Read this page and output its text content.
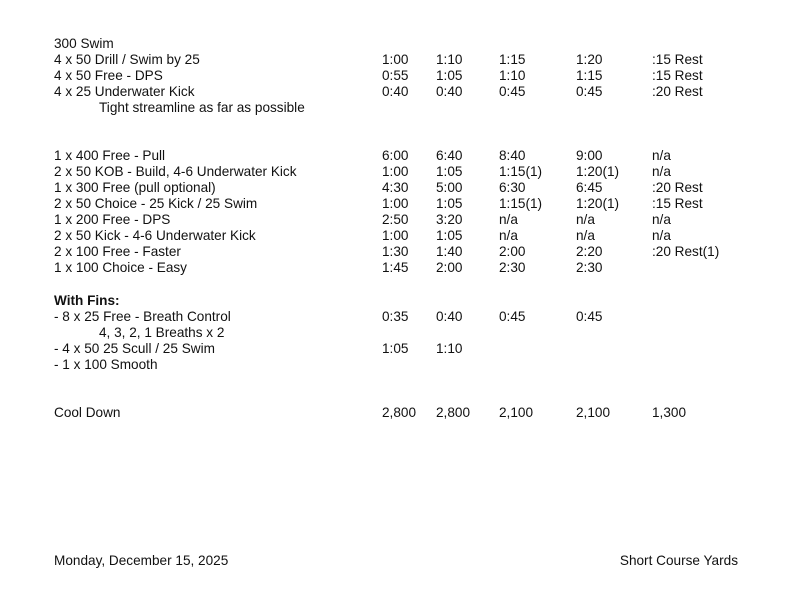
300 Swim
4 x 50 Drill / Swim by 25	1:00 1:10	1:15	1:20	:15 Rest
4 x 50 Free - DPS	0:55 1:05	1:10	1:15	:15 Rest
4 x 25 Underwater Kick	0:40 0:40	0:45	0:45	:20 Rest
Tight streamline as far as possible
1 x 400 Free - Pull	6:00 6:40	8:40	9:00	n/a
2 x 50 KOB - Build, 4-6 Underwater Kick	1:00 1:05	1:15(1) 1:20(1) n/a
1 x 300 Free (pull optional)	4:30 5:00	6:30	6:45	:20 Rest
2 x 50 Choice - 25 Kick / 25 Swim	1:00 1:05	1:15(1) 1:20(1) :15 Rest
1 x 200 Free - DPS	2:50 3:20	n/a	n/a	n/a
2 x 50 Kick - 4-6 Underwater Kick	1:00 1:05	n/a	n/a	n/a
2 x 100 Free - Faster	1:30 1:40	2:00	2:20	:20 Rest(1)
1 x 100 Choice - Easy	1:45 2:00	2:30	2:30
With Fins:
- 8 x 25 Free - Breath Control	0:35 0:40	0:45	0:45
4, 3, 2, 1 Breaths x 2
- 4 x 50 25 Scull / 25 Swim	1:05 1:10
- 1 x 100 Smooth
Cool Down	2,800 2,800 2,100	2,100	1,300
Monday, December 15, 2025	Short Course Yards
